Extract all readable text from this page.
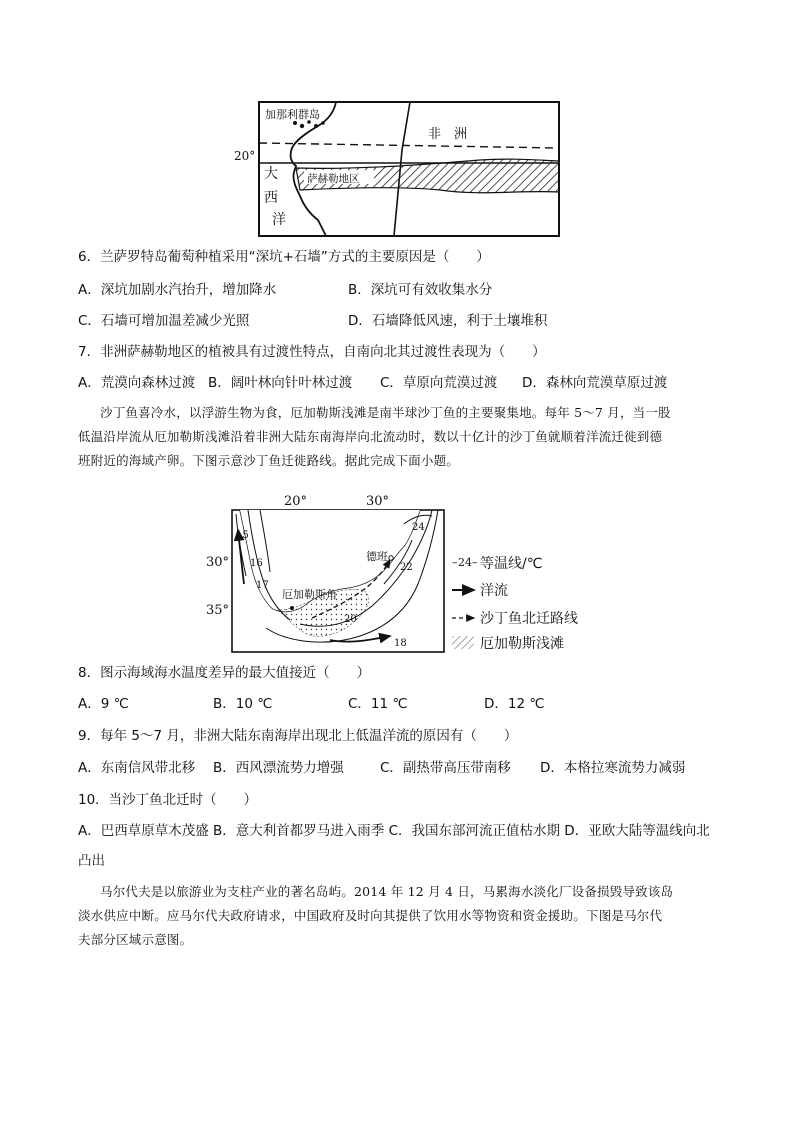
20°
加那利群岛
非　洲
萨赫勒地区
大
西
洋
6．兰萨罗特岛葡萄种植采用“深坑+石墙”方式的主要原因是（　　）
A．深坑加剧水汽抬升，增加降水	B．深坑可有效收集水分
C．石墙可增加温差减少光照	D．石墙降低风速，利于土壤堆积
7．非洲萨赫勒地区的植被具有过渡性特点，自南向北其过渡性表现为（　　）
A．荒漠向森林过渡 B．阔叶林向针叶林过渡 C．草原向荒漠过渡 D．森林向荒漠草原过渡
沙丁鱼喜冷水，以浮游生物为食，厄加勒斯浅滩是南半球沙丁鱼的主要聚集地。每年 5～7 月，当一股
低温沿岸流从厄加勒斯浅滩沿着非洲大陆东南海岸向北流动时，数以十亿计的沙丁鱼就顺着洋流迁徙到德
班附近的海域产卵。下图示意沙丁鱼迁徙路线。据此完成下面小题。
20°	30°
30°
35°
德班
厄加勒斯角
15
16
17
18
20
22
24
– 24 – 等温线/℃
洋流
沙丁鱼北迁路线
厄加勒斯浅滩
8．图示海域海水温度差异的最大值接近（　　）
A．9 ℃	B．10 ℃	C．11 ℃	D．12 ℃
9．每年 5～7 月，非洲大陆东南海岸出现北上低温洋流的原因有（　　）
A．东南信风带北移 B．西风漂流势力增强	C．副热带高压带南移 D．本格拉寒流势力减弱
10．当沙丁鱼北迁时（　　）
A．巴西草原草木茂盛 B．意大利首都罗马进入雨季 C．我国东部河流正值枯水期 D．亚欧大陆等温线向北
凸出
马尔代夫是以旅游业为支柱产业的著名岛屿。2014 年 12 月 4 日，马累海水淡化厂设备损毁导致该岛
淡水供应中断。应马尔代夫政府请求，中国政府及时向其提供了饮用水等物资和资金援助。下图是马尔代
夫部分区域示意图。
